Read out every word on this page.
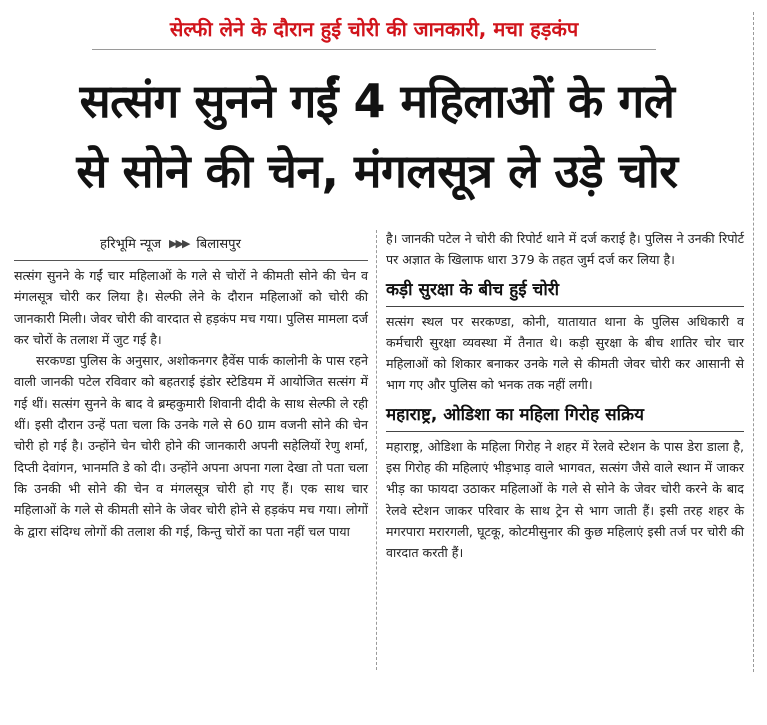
सेल्फी लेने के दौरान हुई चोरी की जानकारी, मचा हड़कंप
सत्संग सुनने गईं 4 महिलाओं के गले
से सोने की चेन, मंगलसूत्र ले उड़े चोर
हरिभूमि न्यूज ▶▶▶ बिलासपुर

सत्संग सुनने के गईं चार महिलाओं के गले से चोरों ने कीमती सोने की चेन व मंगलसूत्र चोरी कर लिया है। सेल्फी लेने के दौरान महिलाओं को चोरी की जानकारी मिली। जेवर चोरी की वारदात से हड़कंप मच गया। पुलिस मामला दर्ज कर चोरों के तलाश में जुट गई है।

सरकण्डा पुलिस के अनुसार, अशोकनगर हैवेंस पार्क कालोनी के पास रहने वाली जानकी पटेल रविवार को बहतराई इंडोर स्टेडियम में आयोजित सत्संग में गई थीं। सत्संग सुनने के बाद वे ब्रम्हकुमारी शिवानी दीदी के साथ सेल्फी ले रही थीं। इसी दौरान उन्हें पता चला कि उनके गले से 60 ग्राम वजनी सोने की चेन चोरी हो गई है। उन्होंने चेन चोरी होने की जानकारी अपनी सहेलियों रेणु शर्मा, दिप्ती देवांगन, भानमति डे को दी। उन्होंने अपना अपना गला देखा तो पता चला कि उनकी भी सोने की चेन व मंगलसूत्र चोरी हो गए हैं। एक साथ चार महिलाओं के गले से कीमती सोने के जेवर चोरी होने से हड़कंप मच गया। लोगों के द्वारा संदिग्ध लोगों की तलाश की गई, किन्तु चोरों का पता नहीं चल पाया

है। जानकी पटेल ने चोरी की रिपोर्ट थाने में दर्ज कराई है। पुलिस ने उनकी रिपोर्ट पर अज्ञात के खिलाफ धारा 379 के तहत जुर्म दर्ज कर लिया है।

कड़ी सुरक्षा के बीच हुई चोरी

सत्संग स्थल पर सरकण्डा, कोनी, यातायात थाना के पुलिस अधिकारी व कर्मचारी सुरक्षा व्यवस्था में तैनात थे। कड़ी सुरक्षा के बीच शातिर चोर चार महिलाओं को शिकार बनाकर उनके गले से कीमती जेवर चोरी कर आसानी से भाग गए और पुलिस को भनक तक नहीं लगी।

महाराष्ट्र, ओडिशा का महिला गिरोह सक्रिय

महाराष्ट्र, ओडिशा के महिला गिरोह ने शहर में रेलवे स्टेशन के पास डेरा डाला है, इस गिरोह की महिलाएं भीड़भाड़ वाले भागवत, सत्संग जैसे वाले स्थान में जाकर भीड़ का फायदा उठाकर महिलाओं के गले से सोने के जेवर चोरी करने के बाद रेलवे स्टेशन जाकर परिवार के साथ ट्रेन से भाग जाती हैं। इसी तरह शहर के मगरपारा मरारगली, घूटकू, कोटमीसुनार की कुछ महिलाएं इसी तर्ज पर चोरी की वारदात करती हैं।
